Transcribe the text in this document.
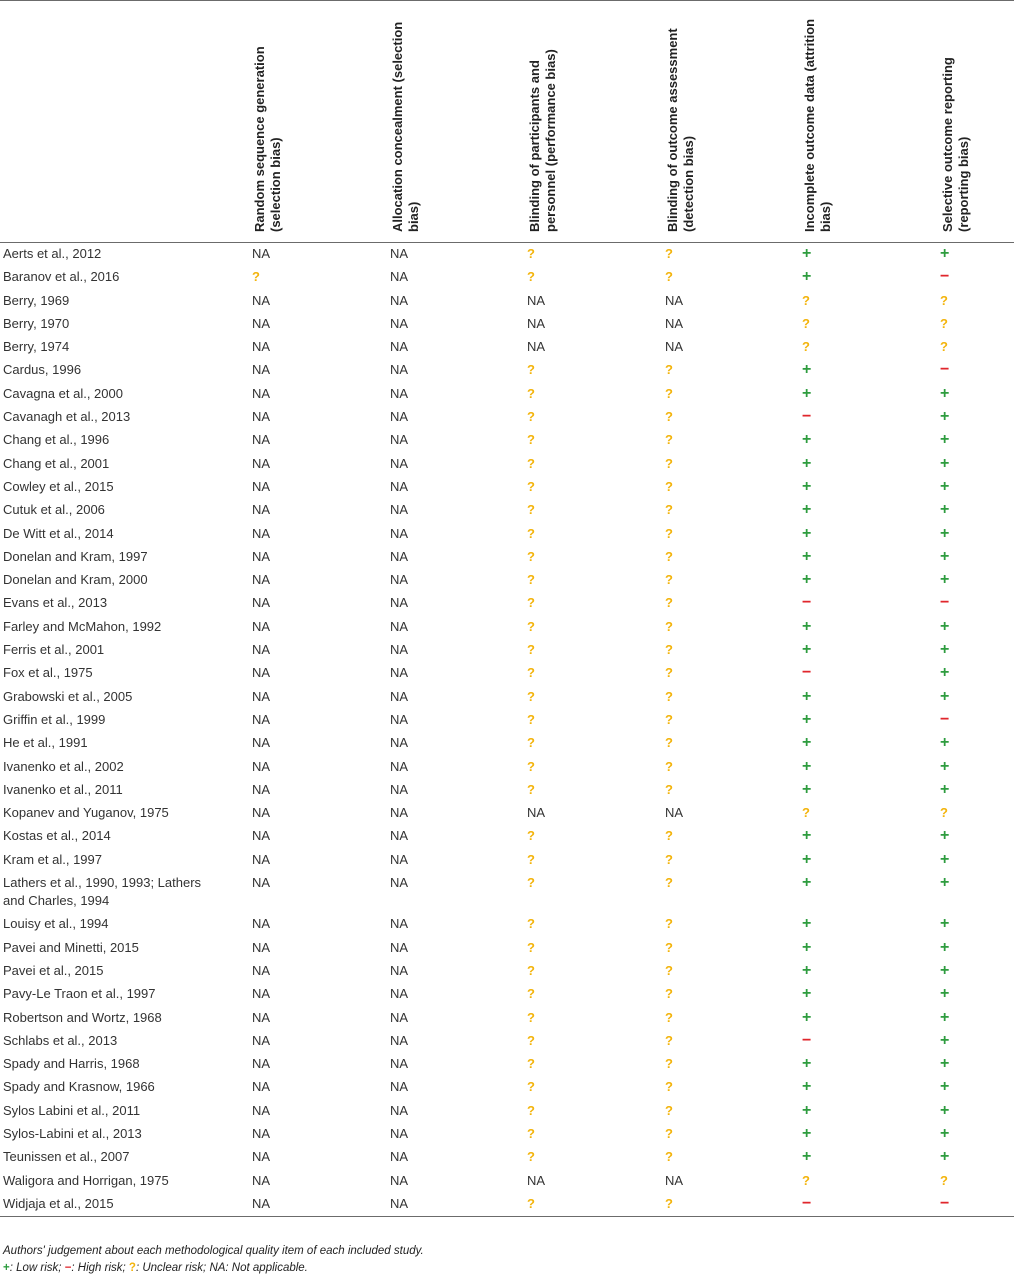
	Random sequence generation (selection bias)	Allocation concealment (selection bias)	Blinding of participants and personnel (performance bias)	Blinding of outcome assessment (detection bias)	Incomplete outcome data (attrition bias)	Selective outcome reporting (reporting bias)

Aerts et al., 2012	NA	NA	?	?	+	+
Baranov et al., 2016	?	NA	?	?	+	−
Berry, 1969	NA	NA	NA	NA	?	?
Berry, 1970	NA	NA	NA	NA	?	?
Berry, 1974	NA	NA	NA	NA	?	?
Cardus, 1996	NA	NA	?	?	+	−
Cavagna et al., 2000	NA	NA	?	?	+	+
Cavanagh et al., 2013	NA	NA	?	?	−	+
Chang et al., 1996	NA	NA	?	?	+	+
Chang et al., 2001	NA	NA	?	?	+	+
Cowley et al., 2015	NA	NA	?	?	+	+
Cutuk et al., 2006	NA	NA	?	?	+	+
De Witt et al., 2014	NA	NA	?	?	+	+
Donelan and Kram, 1997	NA	NA	?	?	+	+
Donelan and Kram, 2000	NA	NA	?	?	+	+
Evans et al., 2013	NA	NA	?	?	−	−
Farley and McMahon, 1992	NA	NA	?	?	+	+
Ferris et al., 2001	NA	NA	?	?	+	+
Fox et al., 1975	NA	NA	?	?	−	+
Grabowski et al., 2005	NA	NA	?	?	+	+
Griffin et al., 1999	NA	NA	?	?	+	−
He et al., 1991	NA	NA	?	?	+	+
Ivanenko et al., 2002	NA	NA	?	?	+	+
Ivanenko et al., 2011	NA	NA	?	?	+	+
Kopanev and Yuganov, 1975	NA	NA	NA	NA	?	?
Kostas et al., 2014	NA	NA	?	?	+	+
Kram et al., 1997	NA	NA	?	?	+	+
Lathers et al., 1990, 1993; Lathers and Charles, 1994	NA	NA	?	?	+	+
Louisy et al., 1994	NA	NA	?	?	+	+
Pavei and Minetti, 2015	NA	NA	?	?	+	+
Pavei et al., 2015	NA	NA	?	?	+	+
Pavy-Le Traon et al., 1997	NA	NA	?	?	+	+
Robertson and Wortz, 1968	NA	NA	?	?	+	+
Schlabs et al., 2013	NA	NA	?	?	−	+
Spady and Harris, 1968	NA	NA	?	?	+	+
Spady and Krasnow, 1966	NA	NA	?	?	+	+
Sylos Labini et al., 2011	NA	NA	?	?	+	+
Sylos-Labini et al., 2013	NA	NA	?	?	+	+
Teunissen et al., 2007	NA	NA	?	?	+	+
Waligora and Horrigan, 1975	NA	NA	NA	NA	?	?
Widjaja et al., 2015	NA	NA	?	?	−	−
Authors' judgement about each methodological quality item of each included study.
+: Low risk; −: High risk; ?: Unclear risk; NA: Not applicable.
